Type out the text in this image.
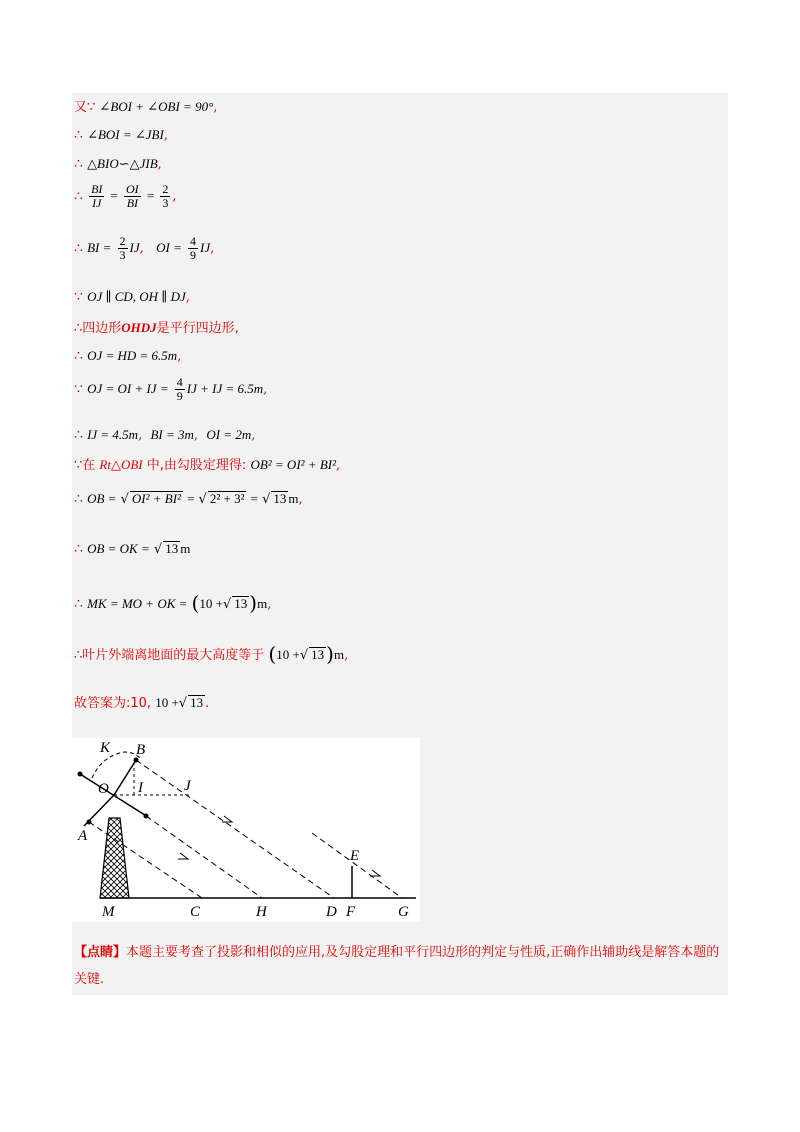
又∵ ∠BOI + ∠OBI = 90°,
∴ ∠BOI = ∠JBI,
∴ △BIO∽△JIB,
∴ $\frac{BI}{IJ} = \frac{OI}{BI} = \frac{2}{3}$ ,
∴ BI = $\frac{2}{3}$ IJ, OI = $\frac{4}{9}$ IJ,
∵ OJ ∥ CD, OH ∥ DJ,
∴四边形OHDJ是平行四边形,
∴ OJ = HD = 6.5m,
∵ OJ = OI + IJ = $\frac{4}{9}$ IJ + IJ = 6.5m,
∴ IJ = 4.5m, BI = 3m, OI = 2m,
∵在 Rt△OBI 中,由勾股定理得: OB² = OI² + BI²,
∴ OB = √ OI² + BI² = √ 2² + 3² = √ 13 m,
∴ OB = OK = √ 13 m
∴ MK = MO + OK = (10 +√ 13 )m,
∴叶片外端离地面的最大高度等于 (10 +√ 13 )m,
故答案为:10, 10 +√ 13 .
K B
O I	J
A
E
M	C	H	D F	G
【点睛】本题主要考查了投影和相似的应用,及勾股定理和平行四边形的判定与性质,正确作出辅助线是解答本题的关键.
